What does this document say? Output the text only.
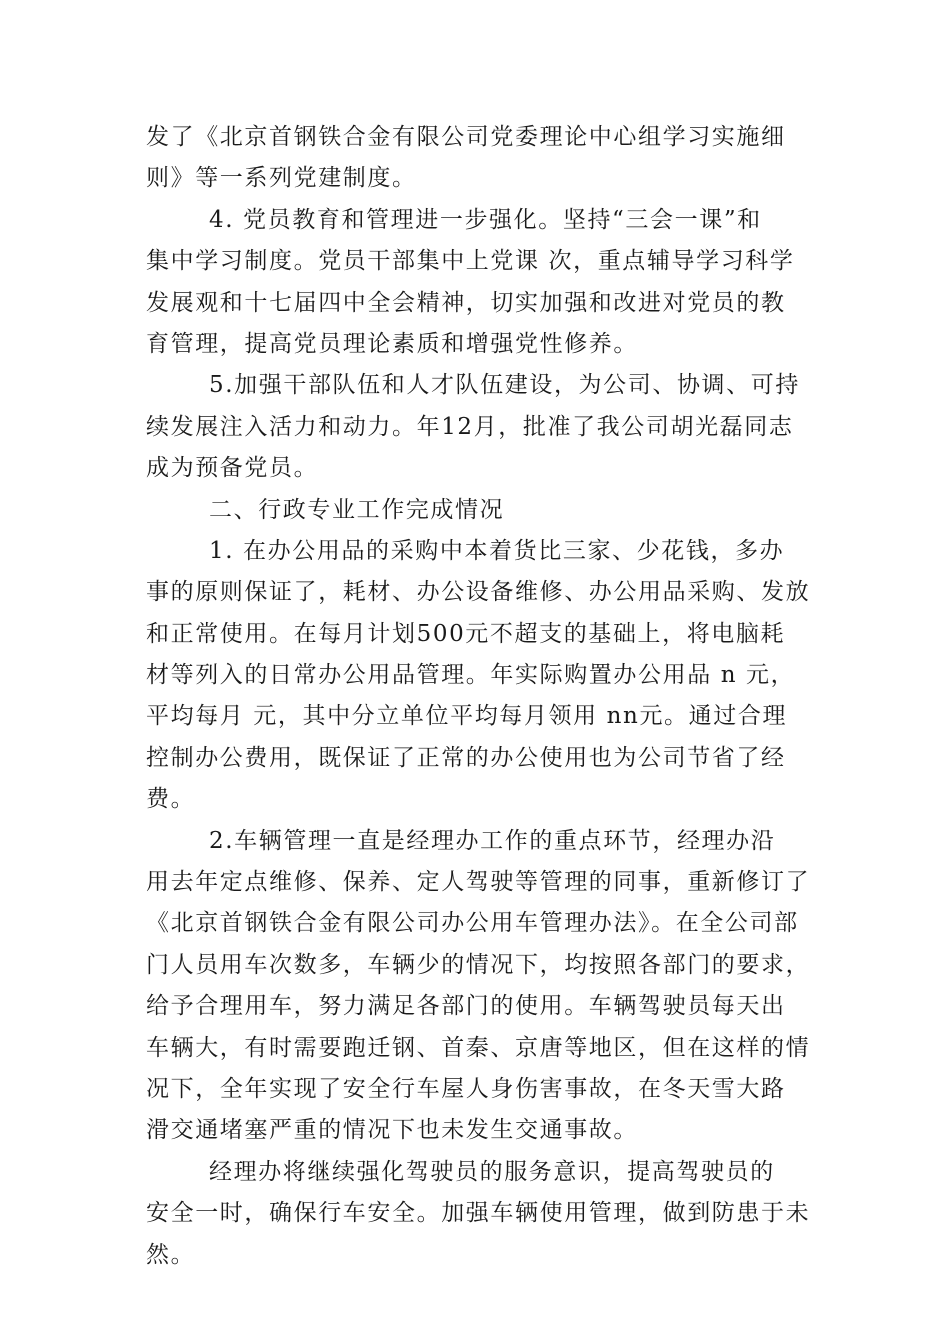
发了《北京首钢铁合金有限公司党委理论中心组学习实施细
则》等一系列党建制度。
4. 党员教育和管理进一步强化。坚持“三会一课”和
集中学习制度。党员干部集中上党课 次，重点辅导学习科学
发展观和十七届四中全会精神，切实加强和改进对党员的教
育管理，提高党员理论素质和增强党性修养。
5.加强干部队伍和人才队伍建设，为公司、协调、可持
续发展注入活力和动力。年12月，批准了我公司胡光磊同志
成为预备党员。
二、行政专业工作完成情况
1. 在办公用品的采购中本着货比三家、少花钱，多办
事的原则保证了，耗材、办公设备维修、办公用品采购、发放
和正常使用。在每月计划500元不超支的基础上，将电脑耗
材等列入的日常办公用品管理。年实际购置办公用品 n 元，
平均每月 元，其中分立单位平均每月领用 nn元。通过合理
控制办公费用，既保证了正常的办公使用也为公司节省了经
费。
2.车辆管理一直是经理办工作的重点环节，经理办沿
用去年定点维修、保养、定人驾驶等管理的同事，重新修订了
《北京首钢铁合金有限公司办公用车管理办法》。在全公司部
门人员用车次数多，车辆少的情况下，均按照各部门的要求，
给予合理用车，努力满足各部门的使用。车辆驾驶员每天出
车辆大，有时需要跑迁钢、首秦、京唐等地区，但在这样的情
况下，全年实现了安全行车屋人身伤害事故，在冬天雪大路
滑交通堵塞严重的情况下也未发生交通事故。
经理办将继续强化驾驶员的服务意识，提高驾驶员的
安全一时，确保行车安全。加强车辆使用管理，做到防患于未
然。
